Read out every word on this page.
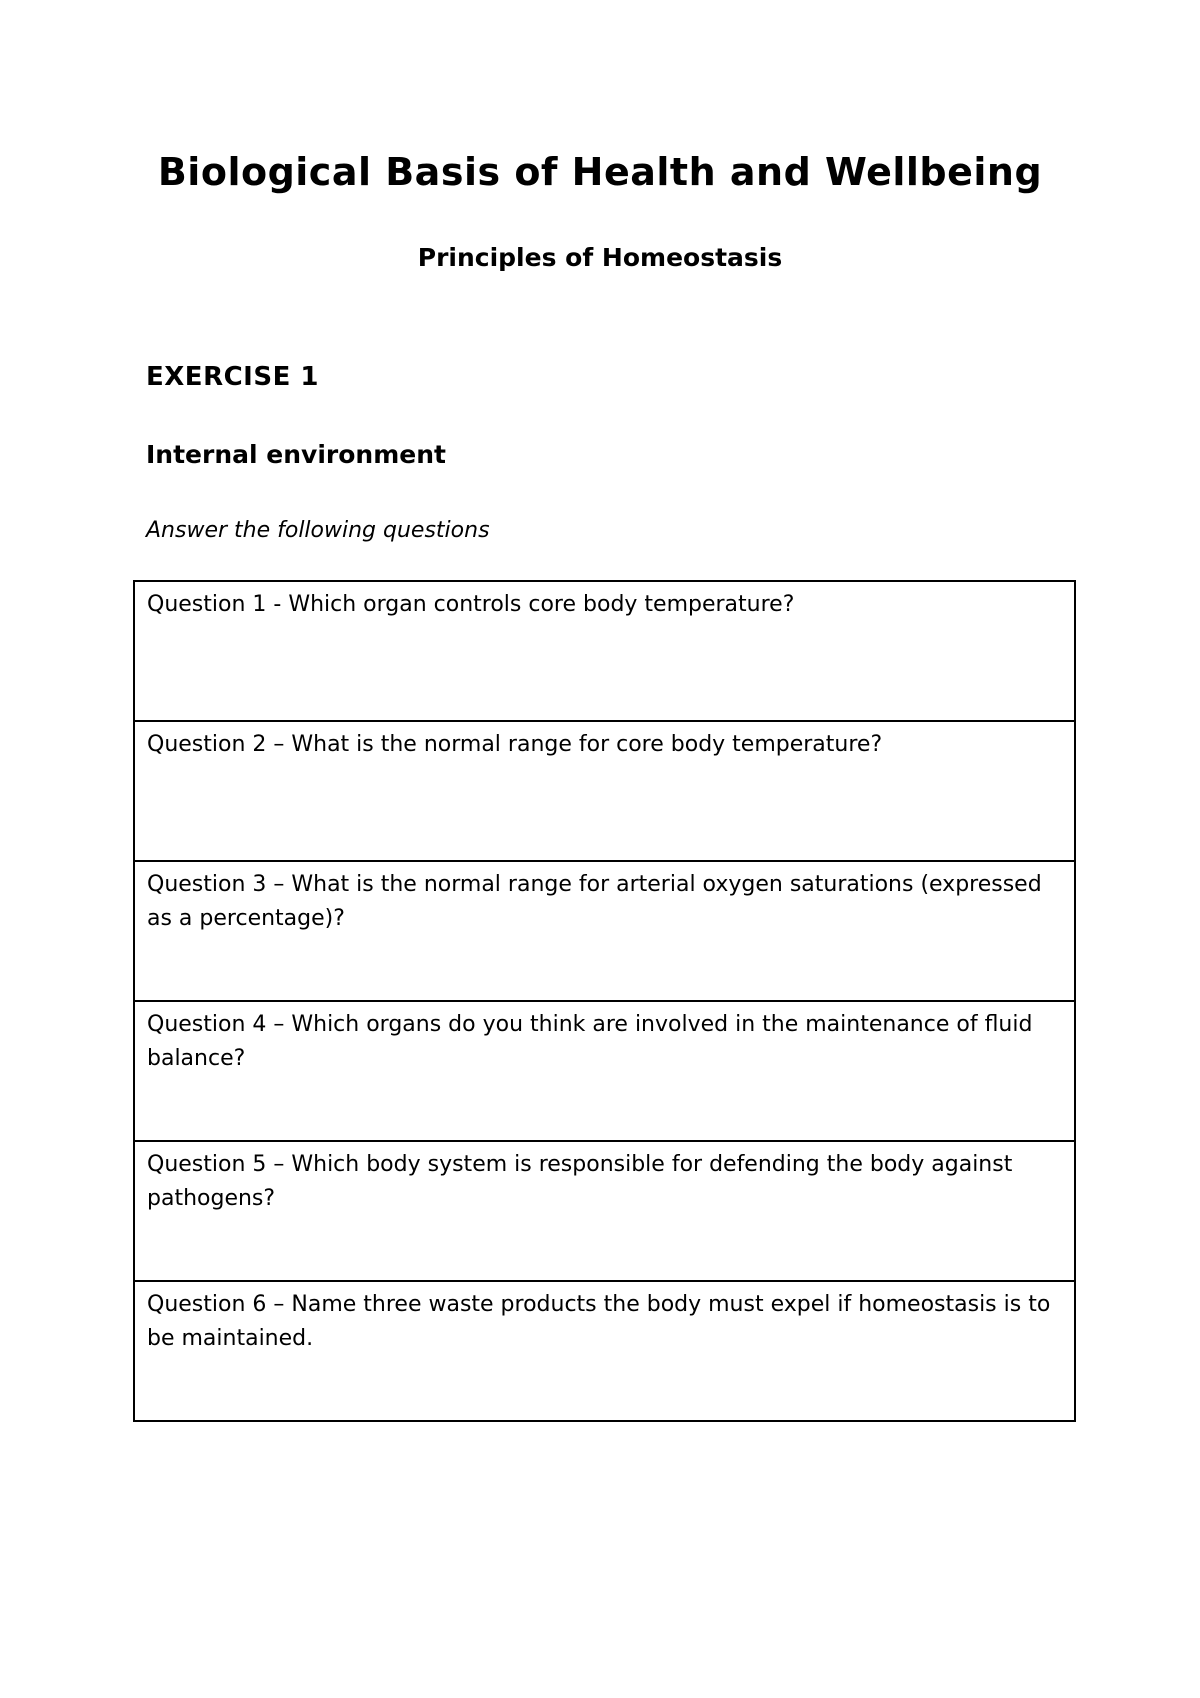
Biological Basis of Health and Wellbeing
Principles of Homeostasis
EXERCISE 1
Internal environment
Answer the following questions
Question 1 - Which organ controls core body temperature?
Question 2 – What is the normal range for core body temperature?
Question 3 – What is the normal range for arterial oxygen saturations (expressed as a percentage)?
Question 4 – Which organs do you think are involved in the maintenance of fluid balance?
Question 5 – Which body system is responsible for defending the body against pathogens?
Question 6 – Name three waste products the body must expel if homeostasis is to be maintained.
